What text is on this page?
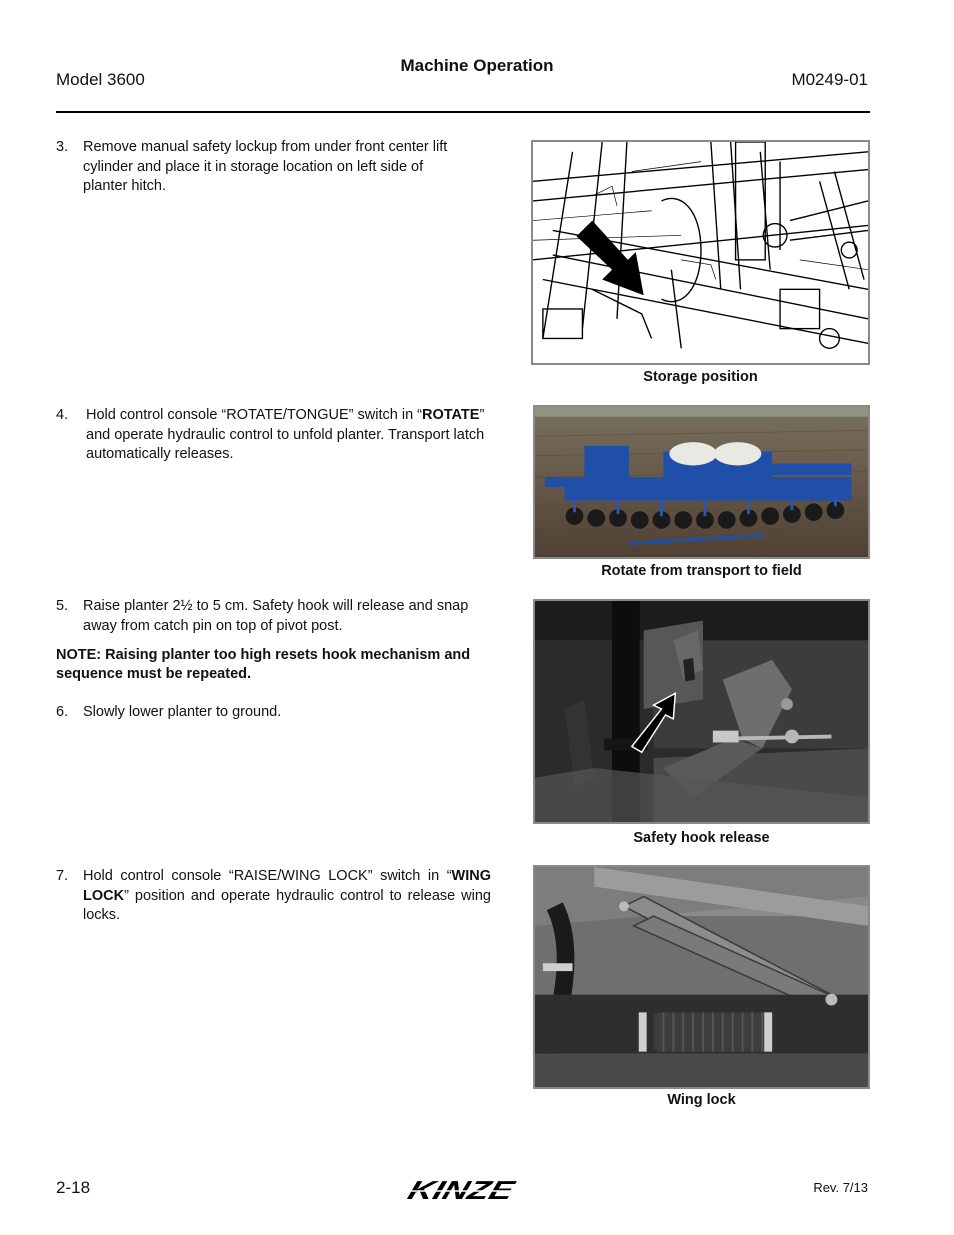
Model 3600
Machine Operation
M0249-01
3. Remove manual safety lockup from under front center lift cylinder and place it in storage location on left side of planter hitch.
Storage position
4. Hold control console “ROTATE/TONGUE” switch in “ROTATE” and operate hydraulic control to unfold planter. Transport latch automatically releases.
Rotate from transport to field
5. Raise planter 2½ to 5 cm. Safety hook will release and snap away from catch pin on top of pivot post.
NOTE: Raising planter too high resets hook mechanism and sequence must be repeated.
6. Slowly lower planter to ground.
Safety hook release
7. Hold control console “RAISE/WING LOCK” switch in “WING LOCK” position and operate hydraulic control to release wing locks.
Wing lock
2-18	KINZE	Rev. 7/13
